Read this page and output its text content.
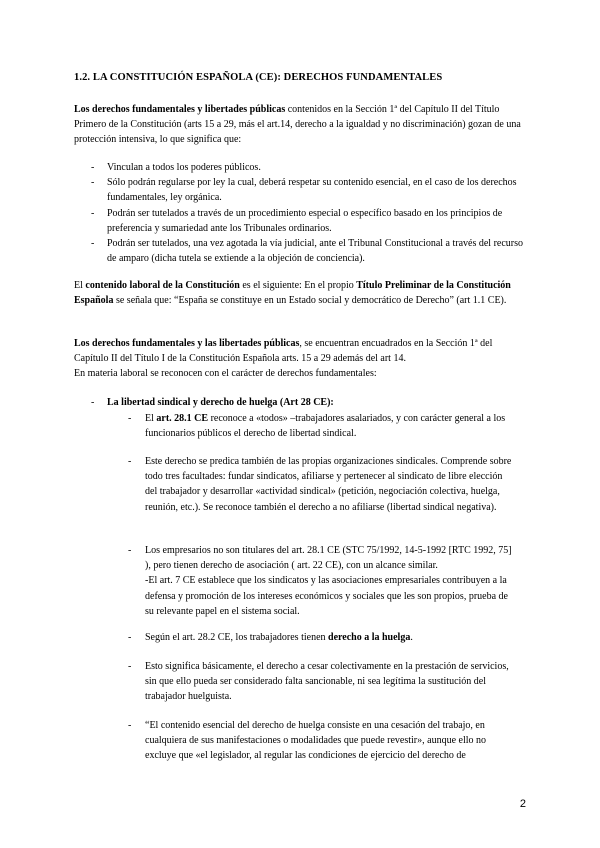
1.2. LA CONSTITUCIÓN ESPAÑOLA (CE): DERECHOS FUNDAMENTALES

Los derechos fundamentales y libertades públicas contenidos en la Sección 1ª del Capítulo II del Título Primero de la Constitución (arts 15 a 29, más el art.14, derecho a la igualdad y no discriminación) gozan de una protección intensiva, lo que significa que:

- Vinculan a todos los poderes públicos.
- Sólo podrán regularse por ley la cual, deberá respetar su contenido esencial, en el caso de los derechos fundamentales, ley orgánica.
- Podrán ser tutelados a través de un procedimiento especial o específico basado en los principios de preferencia y sumariedad ante los Tribunales ordinarios.
- Podrán ser tutelados, una vez agotada la vía judicial, ante el Tribunal Constitucional a través del recurso de amparo (dicha tutela se extiende a la objeción de conciencia).

El contenido laboral de la Constitución es el siguiente: En el propio Título Preliminar de la Constitución Española se señala que: “España se constituye en un Estado social y democrático de Derecho” (art 1.1 CE).

Los derechos fundamentales y las libertades públicas, se encuentran encuadrados en la Sección 1ª del Capítulo II del Título I de la Constitución Española arts. 15 a 29 además del art 14.
En materia laboral se reconocen con el carácter de derechos fundamentales:

- La libertad sindical y derecho de huelga (Art 28 CE):
- El art. 28.1 CE reconoce a «todos» –trabajadores asalariados, y con carácter general a los funcionarios públicos el derecho de libertad sindical.

- Este derecho se predica también de las propias organizaciones sindicales. Comprende sobre todo tres facultades: fundar sindicatos, afiliarse y pertenecer al sindicato de libre elección del trabajador y desarrollar «actividad sindical» (petición, negociación colectiva, huelga, reunión, etc.). Se reconoce también el derecho a no afiliarse (libertad sindical negativa).

- Los empresarios no son titulares del art. 28.1 CE (STC 75/1992, 14-5-1992 [RTC 1992, 75] ), pero tienen derecho de asociación ( art. 22 CE), con un alcance similar.
-El art. 7 CE establece que los sindicatos y las asociaciones empresariales contribuyen a la defensa y promoción de los intereses económicos y sociales que les son propios, prueba de su relevante papel en el sistema social.

- Según el art. 28.2 CE, los trabajadores tienen derecho a la huelga.

- Esto significa básicamente, el derecho a cesar colectivamente en la prestación de servicios, sin que ello pueda ser considerado falta sancionable, ni sea legítima la sustitución del trabajador huelguista.

- “El contenido esencial del derecho de huelga consiste en una cesación del trabajo, en cualquiera de sus manifestaciones o modalidades que puede revestir», aunque ello no excluye que «el legislador, al regular las condiciones de ejercicio del derecho de

2
